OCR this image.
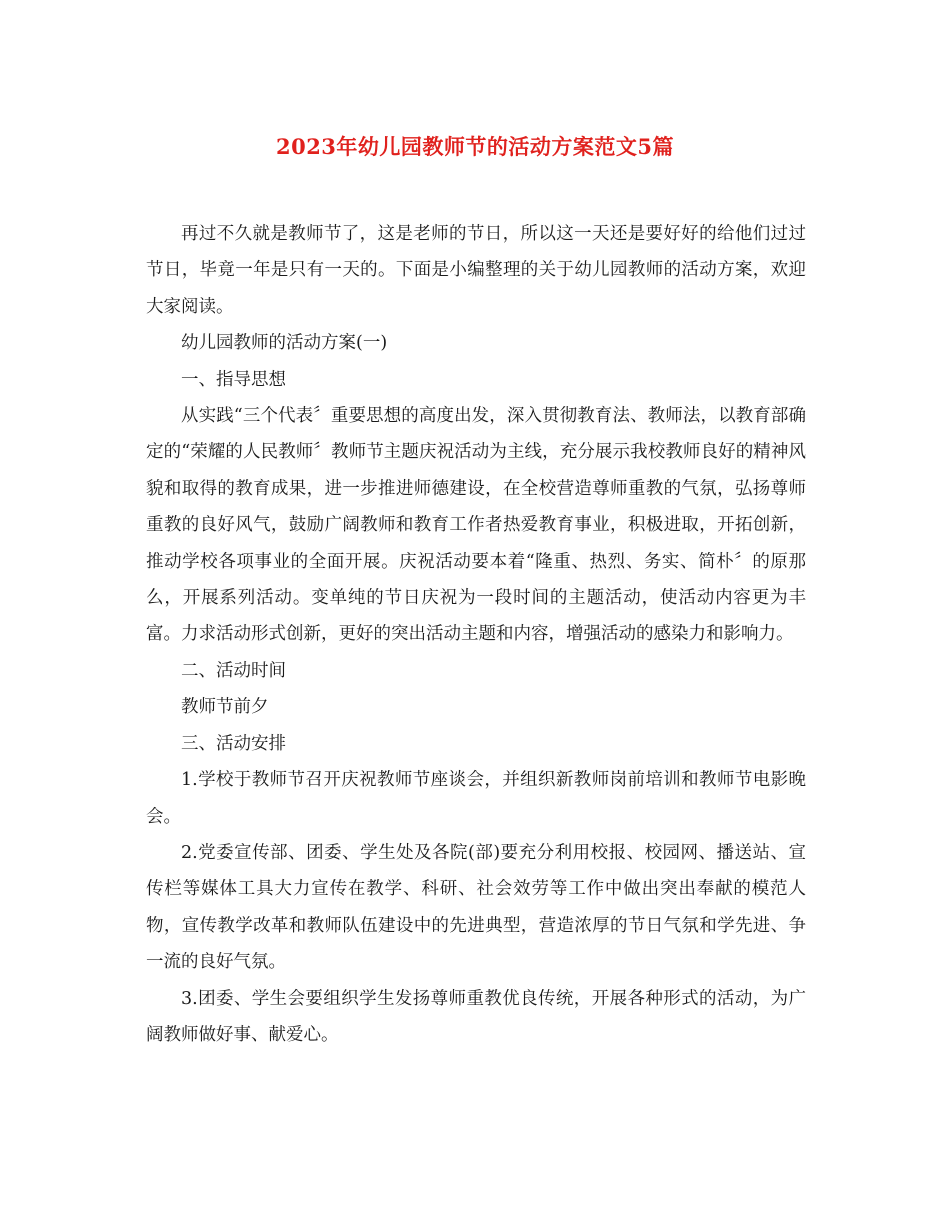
2023年幼儿园教师节的活动方案范文5篇

再过不久就是教师节了，这是老师的节日，所以这一天还是要好好的给他们过过节日，毕竟一年是只有一天的。下面是小编整理的关于幼儿园教师的活动方案，欢迎大家阅读。

幼儿园教师的活动方案(一)

一、指导思想

从实践“三个代表〞重要思想的高度出发，深入贯彻教育法、教师法，以教育部确定的“荣耀的人民教师〞教师节主题庆祝活动为主线，充分展示我校教师良好的精神风貌和取得的教育成果，进一步推进师德建设，在全校营造尊师重教的气氛，弘扬尊师重教的良好风气，鼓励广阔教师和教育工作者热爱教育事业，积极进取，开拓创新，推动学校各项事业的全面开展。庆祝活动要本着“隆重、热烈、务实、简朴〞的原那么，开展系列活动。变单纯的节日庆祝为一段时间的主题活动，使活动内容更为丰富。力求活动形式创新，更好的突出活动主题和内容，增强活动的感染力和影响力。

二、活动时间

教师节前夕

三、活动安排

1.学校于教师节召开庆祝教师节座谈会，并组织新教师岗前培训和教师节电影晚会。

2.党委宣传部、团委、学生处及各院(部)要充分利用校报、校园网、播送站、宣传栏等媒体工具大力宣传在教学、科研、社会效劳等工作中做出突出奉献的模范人物，宣传教学改革和教师队伍建设中的先进典型，营造浓厚的节日气氛和学先进、争一流的良好气氛。

3.团委、学生会要组织学生发扬尊师重教优良传统，开展各种形式的活动，为广阔教师做好事、献爱心。
